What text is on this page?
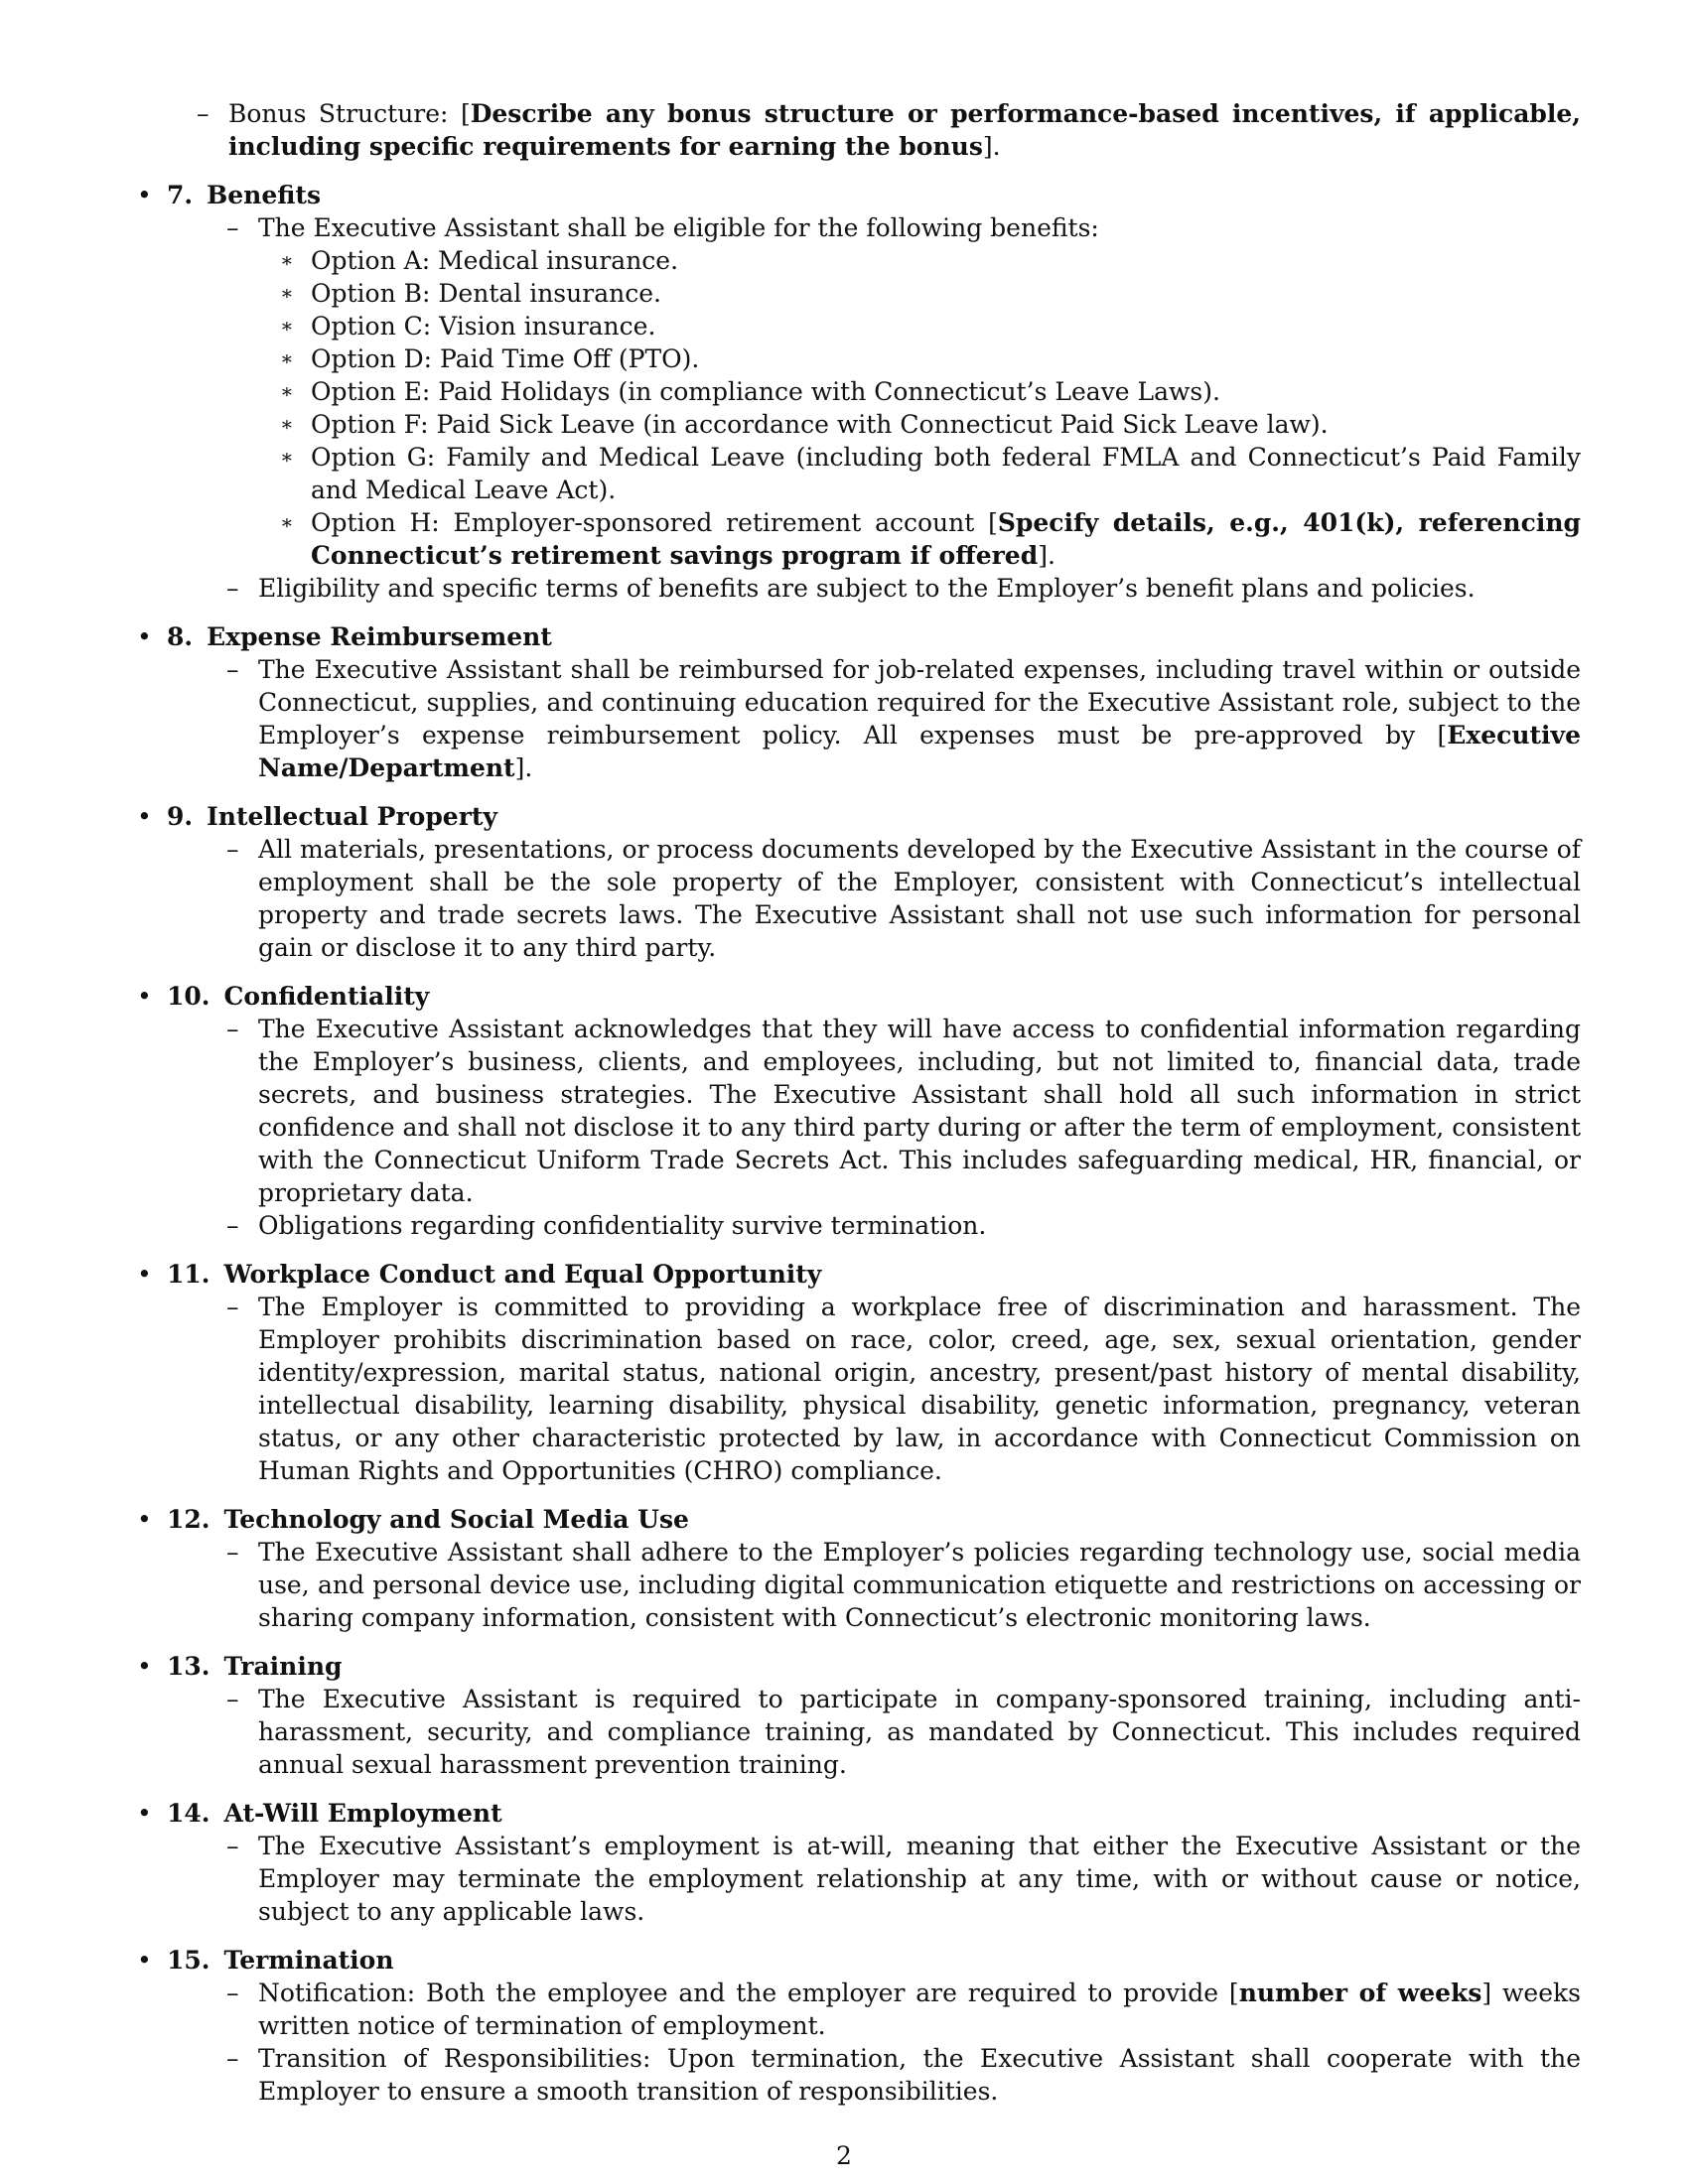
– Bonus Structure: [Describe any bonus structure or performance-based incentives, if applicable, including specific requirements for earning the bonus].
• 7. Benefits
– The Executive Assistant shall be eligible for the following benefits:
∗ Option A: Medical insurance.
∗ Option B: Dental insurance.
∗ Option C: Vision insurance.
∗ Option D: Paid Time Off (PTO).
∗ Option E: Paid Holidays (in compliance with Connecticut’s Leave Laws).
∗ Option F: Paid Sick Leave (in accordance with Connecticut Paid Sick Leave law).
∗ Option G: Family and Medical Leave (including both federal FMLA and Connecticut’s Paid Family and Medical Leave Act).
∗ Option H: Employer-sponsored retirement account [Specify details, e.g., 401(k), referencing Connecticut’s retirement savings program if offered].
– Eligibility and specific terms of benefits are subject to the Employer’s benefit plans and policies.
• 8. Expense Reimbursement
– The Executive Assistant shall be reimbursed for job-related expenses, including travel within or outside Connecticut, supplies, and continuing education required for the Executive Assistant role, subject to the Employer’s expense reimbursement policy. All expenses must be pre-approved by [Executive Name/Department].
• 9. Intellectual Property
– All materials, presentations, or process documents developed by the Executive Assistant in the course of employment shall be the sole property of the Employer, consistent with Connecticut’s intellectual property and trade secrets laws. The Executive Assistant shall not use such information for personal gain or disclose it to any third party.
• 10. Confidentiality
– The Executive Assistant acknowledges that they will have access to confidential information regarding the Employer’s business, clients, and employees, including, but not limited to, financial data, trade secrets, and business strategies. The Executive Assistant shall hold all such information in strict confidence and shall not disclose it to any third party during or after the term of employment, consistent with the Connecticut Uniform Trade Secrets Act. This includes safeguarding medical, HR, financial, or proprietary data.
– Obligations regarding confidentiality survive termination.
• 11. Workplace Conduct and Equal Opportunity
– The Employer is committed to providing a workplace free of discrimination and harassment. The Employer prohibits discrimination based on race, color, creed, age, sex, sexual orientation, gender identity/expression, marital status, national origin, ancestry, present/past history of mental disability, intellectual disability, learning disability, physical disability, genetic information, pregnancy, veteran status, or any other characteristic protected by law, in accordance with Connecticut Commission on Human Rights and Opportunities (CHRO) compliance.
• 12. Technology and Social Media Use
– The Executive Assistant shall adhere to the Employer’s policies regarding technology use, social media use, and personal device use, including digital communication etiquette and restrictions on accessing or sharing company information, consistent with Connecticut’s electronic monitoring laws.
• 13. Training
– The Executive Assistant is required to participate in company-sponsored training, including anti-harassment, security, and compliance training, as mandated by Connecticut. This includes required annual sexual harassment prevention training.
• 14. At-Will Employment
– The Executive Assistant’s employment is at-will, meaning that either the Executive Assistant or the Employer may terminate the employment relationship at any time, with or without cause or notice, subject to any applicable laws.
• 15. Termination
– Notification: Both the employee and the employer are required to provide [number of weeks] weeks written notice of termination of employment.
– Transition of Responsibilities: Upon termination, the Executive Assistant shall cooperate with the Employer to ensure a smooth transition of responsibilities.
2
